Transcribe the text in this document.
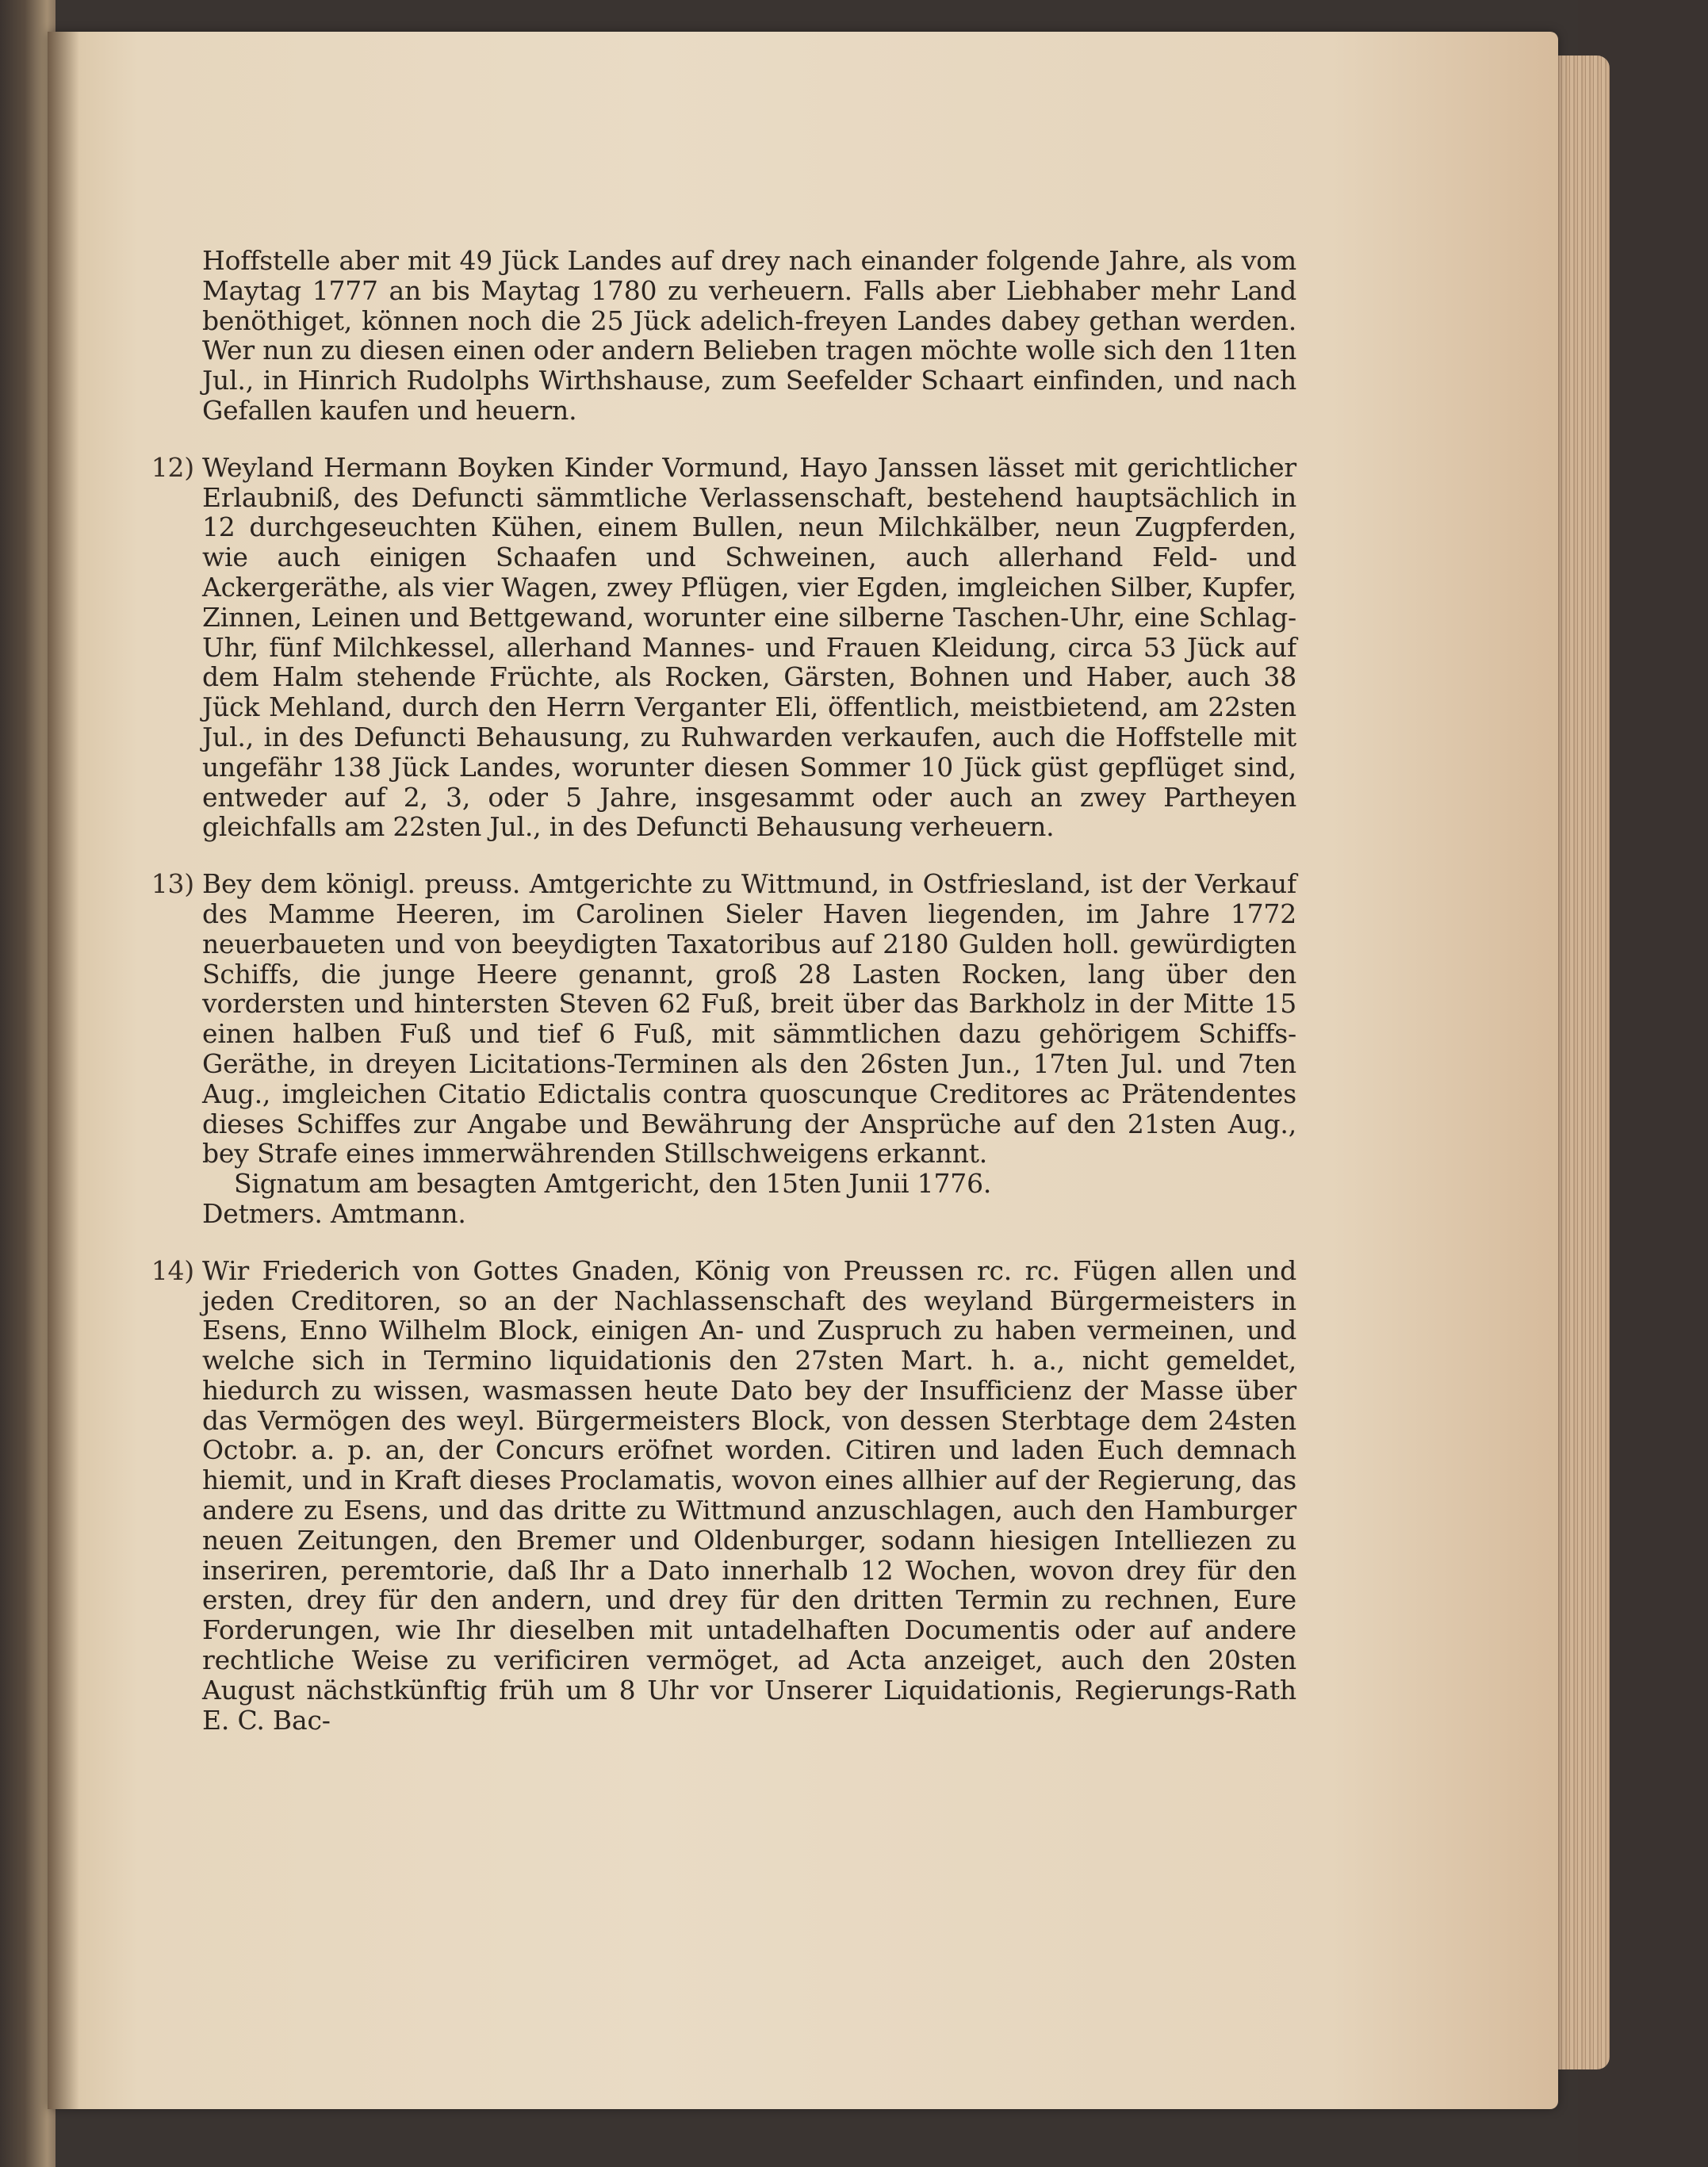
Hoffstelle aber mit 49 Jück Landes auf drey nach einander folgende Jahre, als vom Maytag 1777 an bis Maytag 1780 zu verheuern. Falls aber Liebhaber mehr Land benöthiget, können noch die 25 Jück adelich-freyen Landes dabey gethan werden. Wer nun zu diesen einen oder andern Belieben tragen möchte wolle sich den 11ten Jul., in Hinrich Rudolphs Wirthshause, zum Seefelder Schaart einfinden, und nach Gefallen kaufen und heuern.

12) Weyland Hermann Boyken Kinder Vormund, Hayo Janssen lässet mit gerichtlicher Erlaubniß, des Defuncti sämmtliche Verlassenschaft, bestehend hauptsächlich in 12 durchgeseuchten Kühen, einem Bullen, neun Milchkälber, neun Zugpferden, wie auch einigen Schaafen und Schweinen, auch allerhand Feld- und Ackergeräthe, als vier Wagen, zwey Pflügen, vier Egden, imgleichen Silber, Kupfer, Zinnen, Leinen und Bettgewand, worunter eine silberne Taschen-Uhr, eine Schlag-Uhr, fünf Milchkessel, allerhand Mannes- und Frauen Kleidung, circa 53 Jück auf dem Halm stehende Früchte, als Rocken, Gärsten, Bohnen und Haber, auch 38 Jück Mehland, durch den Herrn Verganter Eli, öffentlich, meistbietend, am 22sten Jul., in des Defuncti Behausung, zu Ruhwarden verkaufen, auch die Hoffstelle mit ungefähr 138 Jück Landes, worunter diesen Sommer 10 Jück güst gepflüget sind, entweder auf 2, 3, oder 5 Jahre, insgesammt oder auch an zwey Partheyen gleichfalls am 22sten Jul., in des Defuncti Behausung verheuern.

13) Bey dem königl. preuss. Amtgerichte zu Wittmund, in Ostfriesland, ist der Verkauf des Mamme Heeren, im Carolinen Sieler Haven liegenden, im Jahre 1772 neuerbaueten und von beeydigten Taxatoribus auf 2180 Gulden holl. gewürdigten Schiffs, die junge Heere genannt, groß 28 Lasten Rocken, lang über den vordersten und hintersten Steven 62 Fuß, breit über das Barkholz in der Mitte 15 einen halben Fuß und tief 6 Fuß, mit sämmtlichen dazu gehörigem Schiffs-Geräthe, in dreyen Licitations-Terminen als den 26sten Jun., 17ten Jul. und 7ten Aug., imgleichen Citatio Edictalis contra quoscunque Creditores ac Prätendentes dieses Schiffes zur Angabe und Bewährung der Ansprüche auf den 21sten Aug., bey Strafe eines immerwährenden Stillschweigens erkannt.

Signatum am besagten Amtgericht, den 15ten Junii 1776.

Detmers. Amtmann.

14) Wir Friederich von Gottes Gnaden, König von Preussen rc. rc. Fügen allen und jeden Creditoren, so an der Nachlassenschaft des weyland Bürgermeisters in Esens, Enno Wilhelm Block, einigen An- und Zuspruch zu haben vermeinen, und welche sich in Termino liquidationis den 27sten Mart. h. a., nicht gemeldet, hiedurch zu wissen, wasmassen heute Dato bey der Insufficienz der Masse über das Vermögen des weyl. Bürgermeisters Block, von dessen Sterbtage dem 24sten Octobr. a. p. an, der Concurs eröfnet worden. Citiren und laden Euch demnach hiemit, und in Kraft dieses Proclamatis, wovon eines allhier auf der Regierung, das andere zu Esens, und das dritte zu Wittmund anzuschlagen, auch den Hamburger neuen Zeitungen, den Bremer und Oldenburger, sodann hiesigen Intelliezen zu inseriren, peremtorie, daß Ihr a Dato innerhalb 12 Wochen, wovon drey für den ersten, drey für den andern, und drey für den dritten Termin zu rechnen, Eure Forderungen, wie Ihr dieselben mit untadelhaften Documentis oder auf andere rechtliche Weise zu verificiren vermöget, ad Acta anzeiget, auch den 20sten August nächstkünftig früh um 8 Uhr vor Unserer Liquidationis, Regierungs-Rath E. C. Bac-
